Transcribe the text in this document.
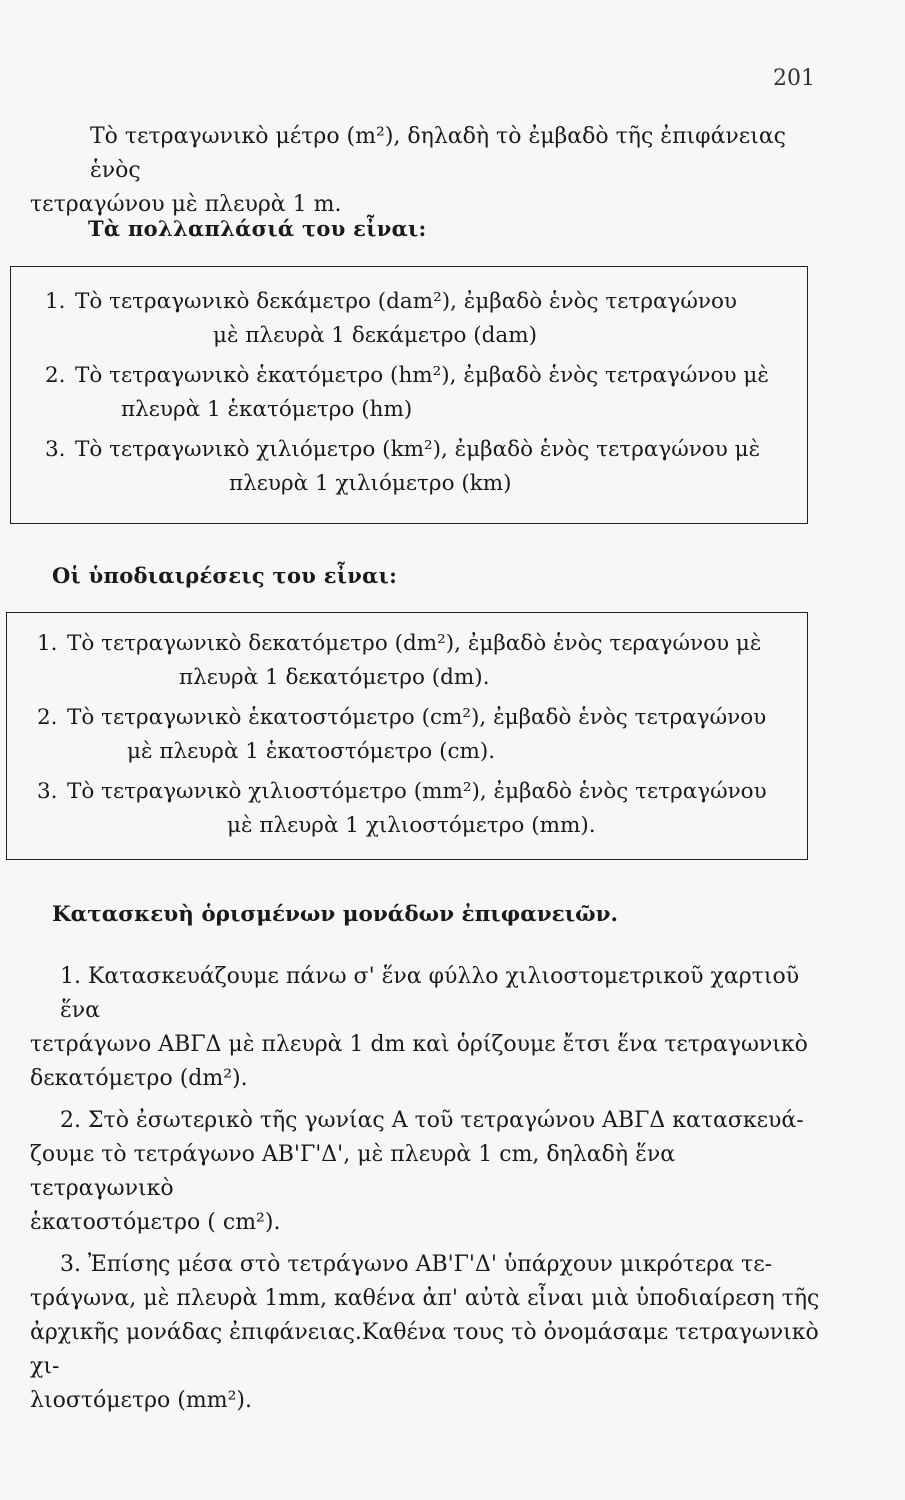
201

Τὸ τετραγωνικὸ μέτρο (m²), δηλαδὴ τὸ ἐμβαδὸ τῆς ἐπιφάνειας ἑνὸς

τετραγώνου μὲ πλευρὰ 1 m.

Τὰ πολλαπλάσιά του εἶναι:
1. Τὸ τετραγωνικὸ δεκάμετρο (dam²), ἐμβαδὸ ἑνὸς τετραγώνου
μὲ πλευρὰ 1 δεκάμετρο (dam)
2. Τὸ τετραγωνικὸ ἑκατόμετρο (hm²), ἐμβαδὸ ἑνὸς τετραγώνου μὲ
πλευρὰ 1 ἑκατόμετρο (hm)
3. Τὸ τετραγωνικὸ χιλιόμετρο (km²), ἐμβαδὸ ἑνὸς τετραγώνου μὲ
πλευρὰ 1 χιλιόμετρο (km)
Οἱ ὑποδιαιρέσεις του εἶναι:
1. Τὸ τετραγωνικὸ δεκατόμετρο (dm²), ἐμβαδὸ ἑνὸς τεραγώνου μὲ
πλευρὰ 1 δεκατόμετρο (dm).
2. Τὸ τετραγωνικὸ ἑκατοστόμετρο (cm²), ἐμβαδὸ ἑνὸς τετραγώνου
μὲ πλευρὰ 1 ἑκατοστόμετρο (cm).
3. Τὸ τετραγωνικὸ χιλιοστόμετρο (mm²), ἐμβαδὸ ἑνὸς τετραγώνου
μὲ πλευρὰ 1 χιλιοστόμετρο (mm).
Κατασκευὴ ὁρισμένων μονάδων ἐπιφανειῶν.

1. Κατασκευάζουμε πάνω σ' ἕνα φύλλο χιλιοστομετρικοῦ χαρτιοῦ ἕνα

τετράγωνο ΑΒΓΔ μὲ πλευρὰ 1 dm καὶ ὁρίζουμε ἔτσι ἕνα τετραγωνικὸ

δεκατόμετρο (dm²).

2. Στὸ ἐσωτερικὸ τῆς γωνίας Α τοῦ τετραγώνου ΑΒΓΔ κατασκευά-

ζουμε τὸ τετράγωνο ΑΒ'Γ'Δ', μὲ πλευρὰ 1 cm, δηλαδὴ ἕνα τετραγωνικὸ

ἑκατοστόμετρο ( cm²).

3. Ἐπίσης μέσα στὸ τετράγωνο ΑΒ'Γ'Δ' ὑπάρχουν μικρότερα τε-

τράγωνα, μὲ πλευρὰ 1mm, καθένα ἀπ' αὐτὰ εἶναι μιὰ ὑποδιαίρεση τῆς

ἀρχικῆς μονάδας ἐπιφάνειας.Καθένα τους τὸ ὀνομάσαμε τετραγωνικὸ χι-

λιοστόμετρο (mm²).
